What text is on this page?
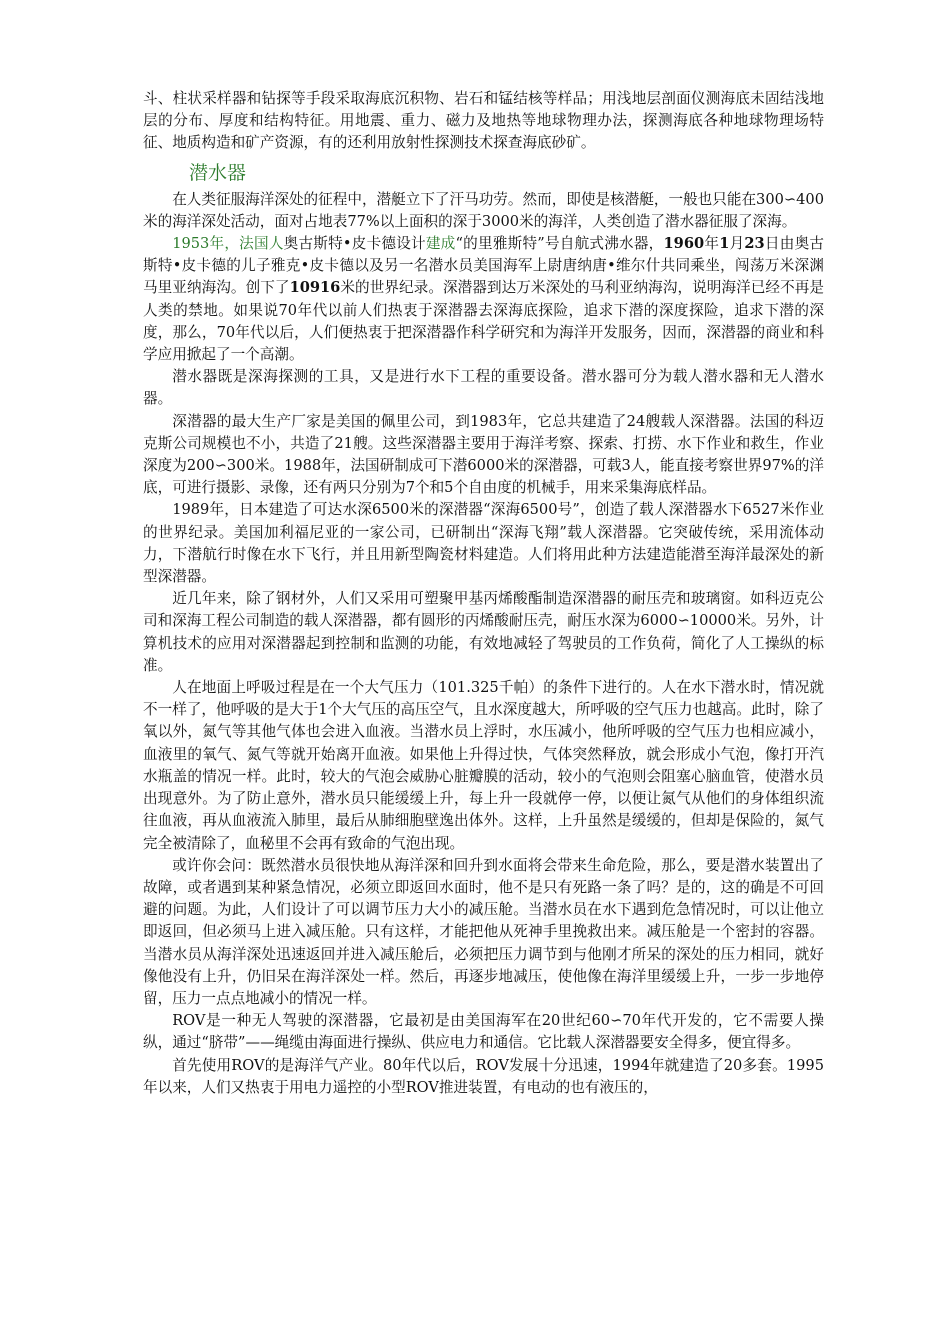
斗、柱状采样器和钻探等手段采取海底沉积物、岩石和锰结核等样品；用浅地层剖面仪测海底未固结浅地层的分布、厚度和结构特征。用地震、重力、磁力及地热等地球物理办法，探测海底各种地球物理场特征、地质构造和矿产资源，有的还利用放射性探测技术探查海底砂矿。

潜水器

在人类征服海洋深处的征程中，潜艇立下了汗马功劳。然而，即使是核潜艇，一般也只能在300∽400米的海洋深处活动，面对占地表77%以上面积的深于3000米的海洋，人类创造了潜水器征服了深海。

1953年，法国人奥古斯特•皮卡德设计建成“的里雅斯特”号自航式沸水器，1960年1月23日由奥古斯特•皮卡德的儿子雅克•皮卡德以及另一名潜水员美国海军上尉唐纳唐•维尔什共同乘坐，闯荡万米深渊马里亚纳海沟。创下了10916米的世界纪录。深潜器到达万米深处的马利亚纳海沟，说明海洋已经不再是人类的禁地。如果说70年代以前人们热衷于深潜器去深海底探险，追求下潜的深度探险，追求下潜的深度，那么，70年代以后，人们便热衷于把深潜器作科学研究和为海洋开发服务，因而，深潜器的商业和科学应用掀起了一个高潮。

潜水器既是深海探测的工具，又是进行水下工程的重要设备。潜水器可分为载人潜水器和无人潜水器。

深潜器的最大生产厂家是美国的佩里公司，到1983年，它总共建造了24艘载人深潜器。法国的科迈克斯公司规模也不小，共造了21艘。这些深潜器主要用于海洋考察、探索、打捞、水下作业和救生，作业深度为200∽300米。1988年，法国研制成可下潜6000米的深潜器，可载3人，能直接考察世界97%的洋底，可进行摄影、录像，还有两只分别为7个和5个自由度的机械手，用来采集海底样品。

1989年，日本建造了可达水深6500米的深潜器“深海6500号”，创造了载人深潜器水下6527米作业的世界纪录。美国加利福尼亚的一家公司，已研制出“深海飞翔”载人深潜器。它突破传统，采用流体动力，下潜航行时像在水下飞行，并且用新型陶瓷材料建造。人们将用此种方法建造能潜至海洋最深处的新型深潜器。

近几年来，除了钢材外，人们又采用可塑聚甲基丙烯酸酯制造深潜器的耐压壳和玻璃窗。如科迈克公司和深海工程公司制造的载人深潜器，都有圆形的丙烯酸耐压壳，耐压水深为6000∽10000米。另外，计算机技术的应用对深潜器起到控制和监测的功能，有效地减轻了驾驶员的工作负荷，简化了人工操纵的标准。

人在地面上呼吸过程是在一个大气压力（101.325千帕）的条件下进行的。人在水下潜水时，情况就不一样了，他呼吸的是大于1个大气压的高压空气，且水深度越大，所呼吸的空气压力也越高。此时，除了氧以外，氮气等其他气体也会进入血液。当潜水员上浮时，水压减小，他所呼吸的空气压力也相应减小，血液里的氧气、氮气等就开始离开血液。如果他上升得过快，气体突然释放，就会形成小气泡，像打开汽水瓶盖的情况一样。此时，较大的气泡会威胁心脏瓣膜的活动，较小的气泡则会阻塞心脑血管，使潜水员出现意外。为了防止意外，潜水员只能缓缓上升，每上升一段就停一停，以便让氮气从他们的身体组织流往血液，再从血液流入肺里，最后从肺细胞壁逸出体外。这样，上升虽然是缓缓的，但却是保险的，氮气完全被清除了，血秘里不会再有致命的气泡出现。

或许你会问：既然潜水员很快地从海洋深和回升到水面将会带来生命危险，那么，要是潜水装置出了故障，或者遇到某种紧急情况，必须立即返回水面时，他不是只有死路一条了吗？是的，这的确是不可回避的问题。为此，人们设计了可以调节压力大小的减压舱。当潜水员在水下遇到危急情况时，可以让他立即返回，但必须马上进入减压舱。只有这样，才能把他从死神手里挽救出来。减压舱是一个密封的容器。当潜水员从海洋深处迅速返回并进入减压舱后，必须把压力调节到与他刚才所呆的深处的压力相同，就好像他没有上升，仍旧呆在海洋深处一样。然后，再逐步地减压，使他像在海洋里缓缓上升，一步一步地停留，压力一点点地减小的情况一样。

ROV是一种无人驾驶的深潜器，它最初是由美国海军在20世纪60∽70年代开发的，它不需要人操纵，通过“脐带”——绳缆由海面进行操纵、供应电力和通信。它比载人深潜器要安全得多，便宜得多。

首先使用ROV的是海洋气产业。80年代以后，ROV发展十分迅速，1994年就建造了20多套。1995年以来，人们又热衷于用电力遥控的小型ROV推进装置，有电动的也有液压的，
